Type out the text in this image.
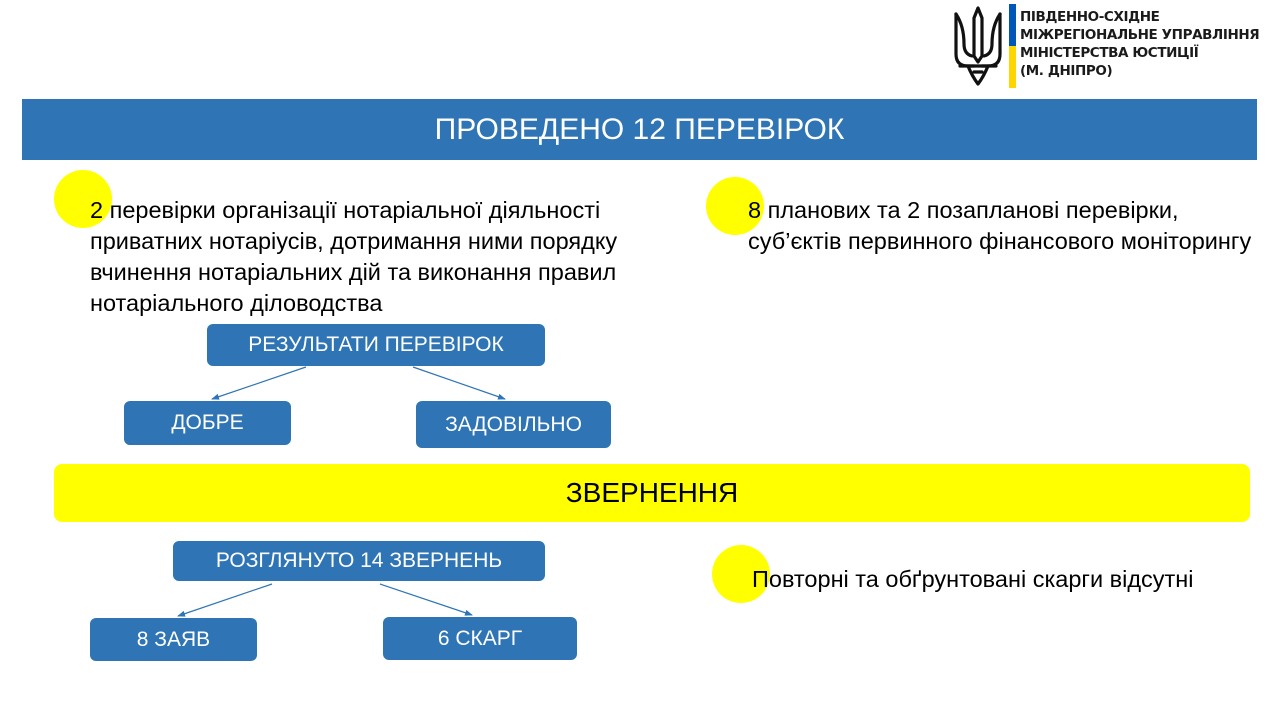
ПІВДЕННО-СХІДНЕ
МІЖРЕГІОНАЛЬНЕ УПРАВЛІННЯ
МІНІСТЕРСТВА ЮСТИЦІЇ
(М. ДНІПРО)
ПРОВЕДЕНО 12 ПЕРЕВІРОК
2 перевірки організації нотаріальної діяльності приватних нотаріусів, дотримання ними порядку вчинення нотаріальних дій та виконання правил нотаріального діловодства
8 планових та 2 позапланові перевірки, суб’єктів первинного фінансового моніторингу
РЕЗУЛЬТАТИ ПЕРЕВІРОК
ДОБРЕ	ЗАДОВІЛЬНО
ЗВЕРНЕННЯ
РОЗГЛЯНУТО 14 ЗВЕРНЕНЬ
8 ЗАЯВ	6 СКАРГ
Повторні та обґрунтовані скарги відсутні
